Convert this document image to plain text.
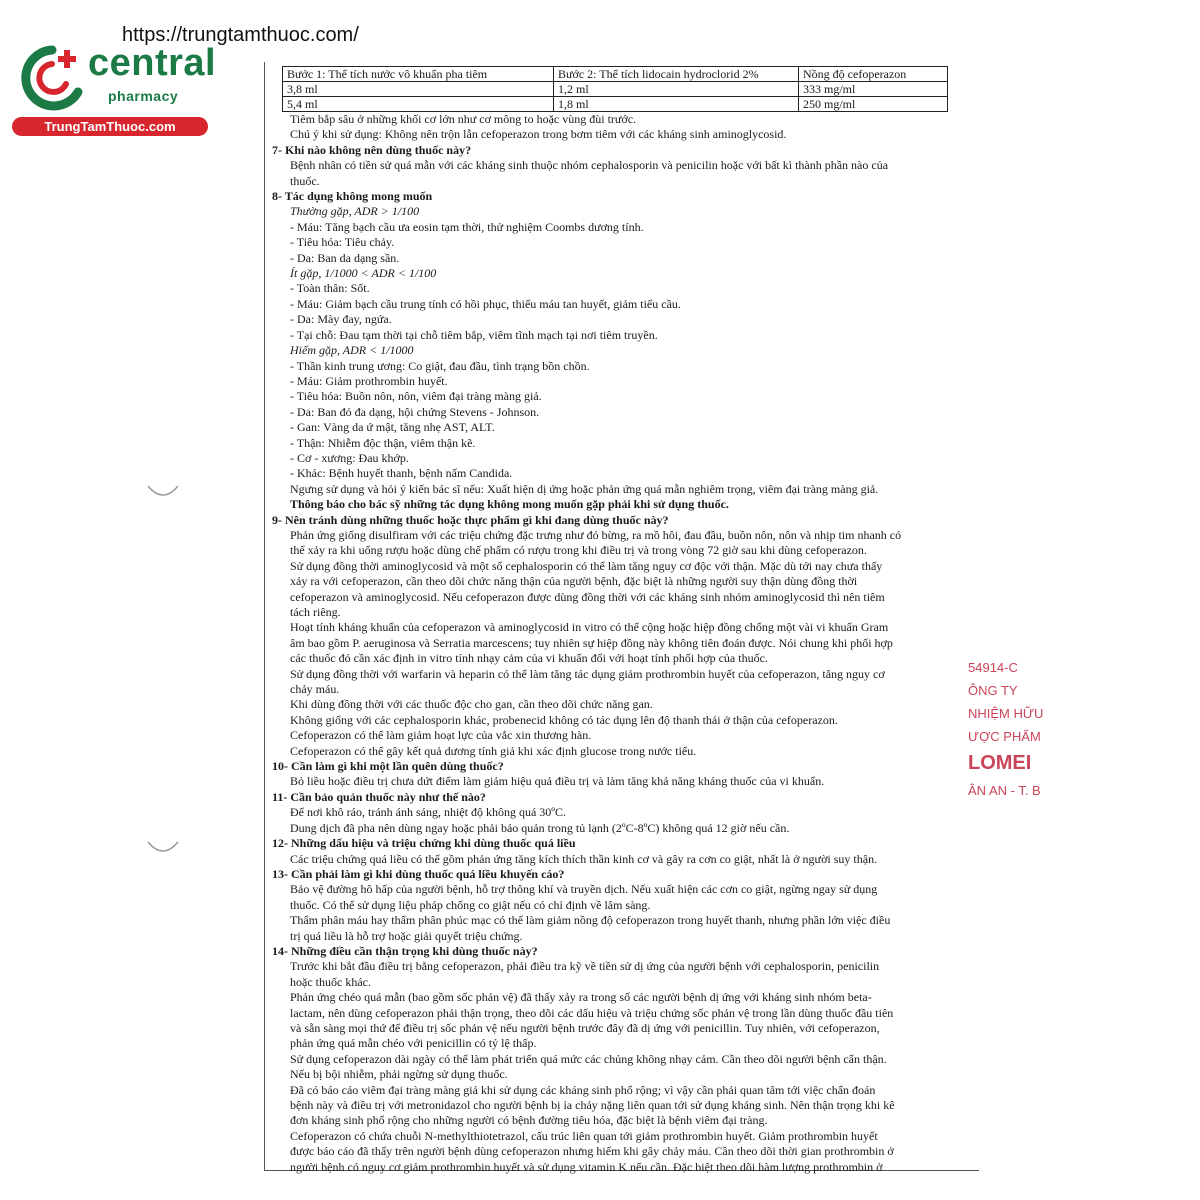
https://trungtamthuoc.com/
central
pharmacy
TrungTamThuoc.com
Bước 1: Thể tích nước vô khuẩn pha tiêm	Bước 2: Thể tích lidocain hydroclorid 2%	Nồng độ cefoperazon
3,8 ml	1,2 ml	333 mg/ml
5,4 ml	1,8 ml	250 mg/ml
Tiêm bắp sâu ở những khối cơ lớn như cơ mông to hoặc vùng đùi trước.
Chú ý khi sử dụng: Không nên trộn lẫn cefoperazon trong bơm tiêm với các kháng sinh aminoglycosid.
7- Khi nào không nên dùng thuốc này?
Bệnh nhân có tiền sử quá mẫn với các kháng sinh thuộc nhóm cephalosporin và penicilin hoặc với bất kì thành phần nào của
thuốc.
8- Tác dụng không mong muốn
Thường gặp, ADR > 1/100
- Máu: Tăng bạch cầu ưa eosin tạm thời, thử nghiệm Coombs dương tính.
- Tiêu hóa: Tiêu chảy.
- Da: Ban da dạng sần.
Ít gặp, 1/1000 < ADR < 1/100
- Toàn thân: Sốt.
- Máu: Giảm bạch cầu trung tính có hồi phục, thiếu máu tan huyết, giảm tiểu cầu.
- Da: Mày đay, ngứa.
- Tại chỗ: Đau tạm thời tại chỗ tiêm bắp, viêm tĩnh mạch tại nơi tiêm truyền.
Hiếm gặp, ADR < 1/1000
- Thần kinh trung ương: Co giật, đau đầu, tình trạng bồn chồn.
- Máu: Giảm prothrombin huyết.
- Tiêu hóa: Buồn nôn, nôn, viêm đại tràng màng giả.
- Da: Ban đỏ đa dạng, hội chứng Stevens - Johnson.
- Gan: Vàng da ứ mật, tăng nhẹ AST, ALT.
- Thận: Nhiễm độc thận, viêm thận kẽ.
- Cơ - xương: Đau khớp.
- Khác: Bệnh huyết thanh, bệnh nấm Candida.
Ngưng sử dụng và hỏi ý kiến bác sĩ nếu: Xuất hiện dị ứng hoặc phản ứng quá mẫn nghiêm trọng, viêm đại tràng màng giả.
Thông báo cho bác sỹ những tác dụng không mong muốn gặp phải khi sử dụng thuốc.
9- Nên tránh dùng những thuốc hoặc thực phẩm gì khi đang dùng thuốc này?
Phản ứng giống disulfiram với các triệu chứng đặc trưng như đỏ bừng, ra mồ hôi, đau đầu, buồn nôn, nôn và nhịp tim nhanh có
thể xảy ra khi uống rượu hoặc dùng chế phẩm có rượu trong khi điều trị và trong vòng 72 giờ sau khi dùng cefoperazon.
Sử dụng đồng thời aminoglycosid và một số cephalosporin có thể làm tăng nguy cơ độc với thận. Mặc dù tới nay chưa thấy
xảy ra với cefoperazon, cần theo dõi chức năng thận của người bệnh, đặc biệt là những người suy thận dùng đồng thời
cefoperazon và aminoglycosid. Nếu cefoperazon được dùng đồng thời với các kháng sinh nhóm aminoglycosid thì nên tiêm
tách riêng.
Hoạt tính kháng khuẩn của cefoperazon và aminoglycosid in vitro có thể cộng hoặc hiệp đồng chống một vài vi khuẩn Gram
âm bao gồm P. aeruginosa và Serratia marcescens; tuy nhiên sự hiệp đồng này không tiên đoán được. Nói chung khi phối hợp
các thuốc đó cần xác định in vitro tính nhạy cảm của vi khuẩn đối với hoạt tính phối hợp của thuốc.
Sử dụng đồng thời với warfarin và heparin có thể làm tăng tác dụng giảm prothrombin huyết của cefoperazon, tăng nguy cơ
chảy máu.
Khi dùng đồng thời với các thuốc độc cho gan, cần theo dõi chức năng gan.
Không giống với các cephalosporin khác, probenecid không có tác dụng lên độ thanh thải ở thận của cefoperazon.
Cefoperazon có thể làm giảm hoạt lực của vắc xin thương hàn.
Cefoperazon có thể gây kết quả dương tính giả khi xác định glucose trong nước tiểu.
10- Cần làm gì khi một lần quên dùng thuốc?
Bỏ liều hoặc điều trị chưa dứt điểm làm giảm hiệu quả điều trị và làm tăng khả năng kháng thuốc của vi khuẩn.
11- Cần bảo quản thuốc này như thế nào?
Để nơi khô ráo, tránh ánh sáng, nhiệt độ không quá 30ºC.
Dung dịch đã pha nên dùng ngay hoặc phải bảo quản trong tủ lạnh (2ºC-8ºC) không quá 12 giờ nếu cần.
12- Những dấu hiệu và triệu chứng khi dùng thuốc quá liều
Các triệu chứng quá liều có thể gồm phản ứng tăng kích thích thần kinh cơ và gây ra cơn co giật, nhất là ở người suy thận.
13- Cần phải làm gì khi dùng thuốc quá liều khuyến cáo?
Bảo vệ đường hô hấp của người bệnh, hỗ trợ thông khí và truyền dịch. Nếu xuất hiện các cơn co giật, ngừng ngay sử dụng
thuốc. Có thể sử dụng liệu pháp chống co giật nếu có chỉ định về lâm sàng.
Thẩm phân máu hay thẩm phân phúc mạc có thể làm giảm nồng độ cefoperazon trong huyết thanh, nhưng phần lớn việc điều
trị quá liều là hỗ trợ hoặc giải quyết triệu chứng.
14- Những điều cần thận trọng khi dùng thuốc này?
Trước khi bắt đầu điều trị bằng cefoperazon, phải điều tra kỹ về tiền sử dị ứng của người bệnh với cephalosporin, penicilin
hoặc thuốc khác.
Phản ứng chéo quá mẫn (bao gồm sốc phản vệ) đã thấy xảy ra trong số các người bệnh dị ứng với kháng sinh nhóm beta-
lactam, nên dùng cefoperazon phải thận trọng, theo dõi các dấu hiệu và triệu chứng sốc phản vệ trong lần dùng thuốc đầu tiên
và sẵn sàng mọi thứ để điều trị sốc phản vệ nếu người bệnh trước đây đã dị ứng với penicillin. Tuy nhiên, với cefoperazon,
phản ứng quá mẫn chéo với penicillin có tỷ lệ thấp.
Sử dụng cefoperazon dài ngày có thể làm phát triển quá mức các chủng không nhạy cảm. Cần theo dõi người bệnh cẩn thận.
Nếu bị bội nhiễm, phải ngừng sử dụng thuốc.
Đã có báo cáo viêm đại tràng màng giả khi sử dụng các kháng sinh phổ rộng; vì vậy cần phải quan tâm tới việc chẩn đoán
bệnh này và điều trị với metronidazol cho người bệnh bị ỉa chảy nặng liên quan tới sử dụng kháng sinh. Nên thận trọng khi kê
đơn kháng sinh phổ rộng cho những người có bệnh đường tiêu hóa, đặc biệt là bệnh viêm đại tràng.
Cefoperazon có chứa chuỗi N-methylthiotetrazol, cấu trúc liên quan tới giảm prothrombin huyết. Giảm prothrombin huyết
được báo cáo đã thấy trên người bệnh dùng cefoperazon nhưng hiếm khi gây chảy máu. Cần theo dõi thời gian prothrombin ở
người bệnh có nguy cơ giảm prothrombin huyết và sử dụng vitamin K nếu cần. Đặc biệt theo dõi hàm lượng prothrombin ở
54914-C
ÔNG TY
NHIỆM HỮU
ƯỢC PHẨM
LOMEI
ÂN AN - T. B
